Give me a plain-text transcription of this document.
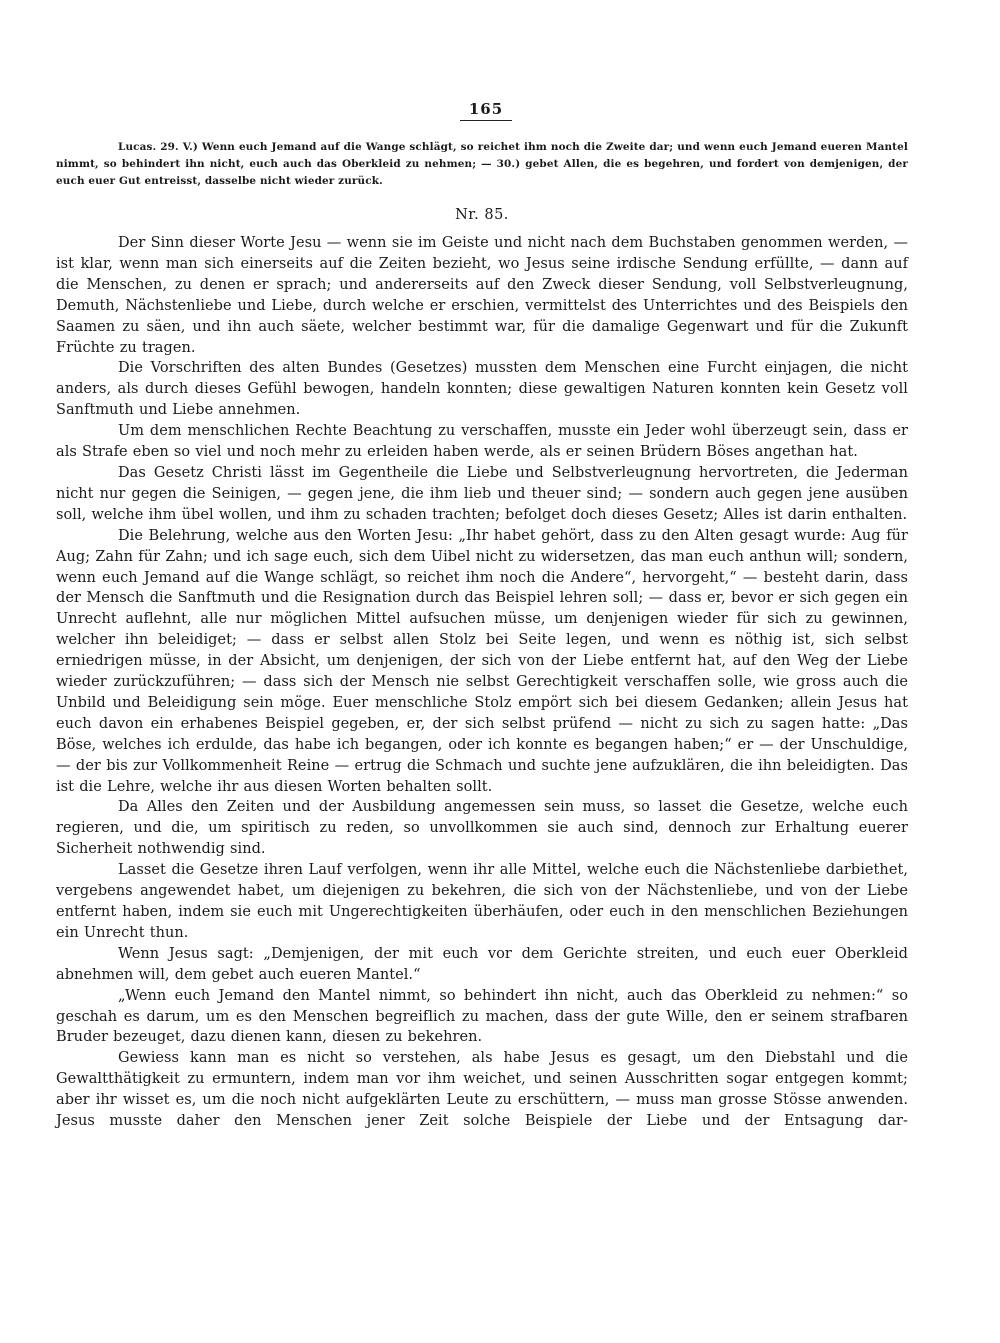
165
Lucas. 29. V.) Wenn euch Jemand auf die Wange schlägt, so reichet ihm noch die Zweite dar; und wenn euch Jemand eueren Mantel nimmt, so behindert ihn nicht, euch auch das Oberkleid zu nehmen; — 30.) gebet Allen, die es begehren, und fordert von demjenigen, der euch euer Gut entreisst, dasselbe nicht wieder zurück.
Nr. 85.

Der Sinn dieser Worte Jesu — wenn sie im Geiste und nicht nach dem Buchstaben genommen werden, — ist klar, wenn man sich einerseits auf die Zeiten bezieht, wo Jesus seine irdische Sendung erfüllte, — dann auf die Menschen, zu denen er sprach; und andererseits auf den Zweck dieser Sendung, voll Selbstverleugnung, Demuth, Nächstenliebe und Liebe, durch welche er erschien, vermittelst des Unterrichtes und des Beispiels den Saamen zu säen, und ihn auch säete, welcher bestimmt war, für die damalige Gegenwart und für die Zukunft Früchte zu tragen.

Die Vorschriften des alten Bundes (Gesetzes) mussten dem Menschen eine Furcht einjagen, die nicht anders, als durch dieses Gefühl bewogen, handeln konnten; diese gewaltigen Naturen konnten kein Gesetz voll Sanftmuth und Liebe annehmen.

Um dem menschlichen Rechte Beachtung zu verschaffen, musste ein Jeder wohl überzeugt sein, dass er als Strafe eben so viel und noch mehr zu erleiden haben werde, als er seinen Brüdern Böses angethan hat.

Das Gesetz Christi lässt im Gegentheile die Liebe und Selbstverleugnung hervortreten, die Jederman nicht nur gegen die Seinigen, — gegen jene, die ihm lieb und theuer sind; — sondern auch gegen jene ausüben soll, welche ihm übel wollen, und ihm zu schaden trachten; befolget doch dieses Gesetz; Alles ist darin enthalten.

Die Belehrung, welche aus den Worten Jesu: „Ihr habet gehört, dass zu den Alten gesagt wurde: Aug für Aug; Zahn für Zahn; und ich sage euch, sich dem Uibel nicht zu widersetzen, das man euch anthun will; sondern, wenn euch Jemand auf die Wange schlägt, so reichet ihm noch die Andere“, hervorgeht,“ — besteht darin, dass der Mensch die Sanftmuth und die Resignation durch das Beispiel lehren soll; — dass er, bevor er sich gegen ein Unrecht auflehnt, alle nur möglichen Mittel aufsuchen müsse, um denjenigen wieder für sich zu gewinnen, welcher ihn beleidiget; — dass er selbst allen Stolz bei Seite legen, und wenn es nöthig ist, sich selbst erniedrigen müsse, in der Absicht, um denjenigen, der sich von der Liebe entfernt hat, auf den Weg der Liebe wieder zurückzuführen; — dass sich der Mensch nie selbst Gerechtigkeit verschaffen solle, wie gross auch die Unbild und Beleidigung sein möge. Euer menschliche Stolz empört sich bei diesem Gedanken; allein Jesus hat euch davon ein erhabenes Beispiel gegeben, er, der sich selbst prüfend — nicht zu sich zu sagen hatte: „Das Böse, welches ich erdulde, das habe ich begangen, oder ich konnte es begangen haben;“ er — der Unschuldige, — der bis zur Vollkommenheit Reine — ertrug die Schmach und suchte jene aufzuklären, die ihn beleidigten. Das ist die Lehre, welche ihr aus diesen Worten behalten sollt.

Da Alles den Zeiten und der Ausbildung angemessen sein muss, so lasset die Gesetze, welche euch regieren, und die, um spiritisch zu reden, so unvollkommen sie auch sind, dennoch zur Erhaltung euerer Sicherheit nothwendig sind.

Lasset die Gesetze ihren Lauf verfolgen, wenn ihr alle Mittel, welche euch die Nächstenliebe darbiethet, vergebens angewendet habet, um diejenigen zu bekehren, die sich von der Nächstenliebe, und von der Liebe entfernt haben, indem sie euch mit Ungerechtigkeiten überhäufen, oder euch in den menschlichen Beziehungen ein Unrecht thun.

Wenn Jesus sagt: „Demjenigen, der mit euch vor dem Gerichte streiten, und euch euer Oberkleid abnehmen will, dem gebet auch eueren Mantel.“

„Wenn euch Jemand den Mantel nimmt, so behindert ihn nicht, auch das Oberkleid zu nehmen:“ so geschah es darum, um es den Menschen begreiflich zu machen, dass der gute Wille, den er seinem strafbaren Bruder bezeuget, dazu dienen kann, diesen zu bekehren.

Gewiess kann man es nicht so verstehen, als habe Jesus es gesagt, um den Diebstahl und die Gewaltthätigkeit zu ermuntern, indem man vor ihm weichet, und seinen Ausschritten sogar entgegen kommt; aber ihr wisset es, um die noch nicht aufgeklärten Leute zu erschüttern, — muss man grosse Stösse anwenden. Jesus musste daher den Menschen jener Zeit solche Beispiele der Liebe und der Entsagung dar-
